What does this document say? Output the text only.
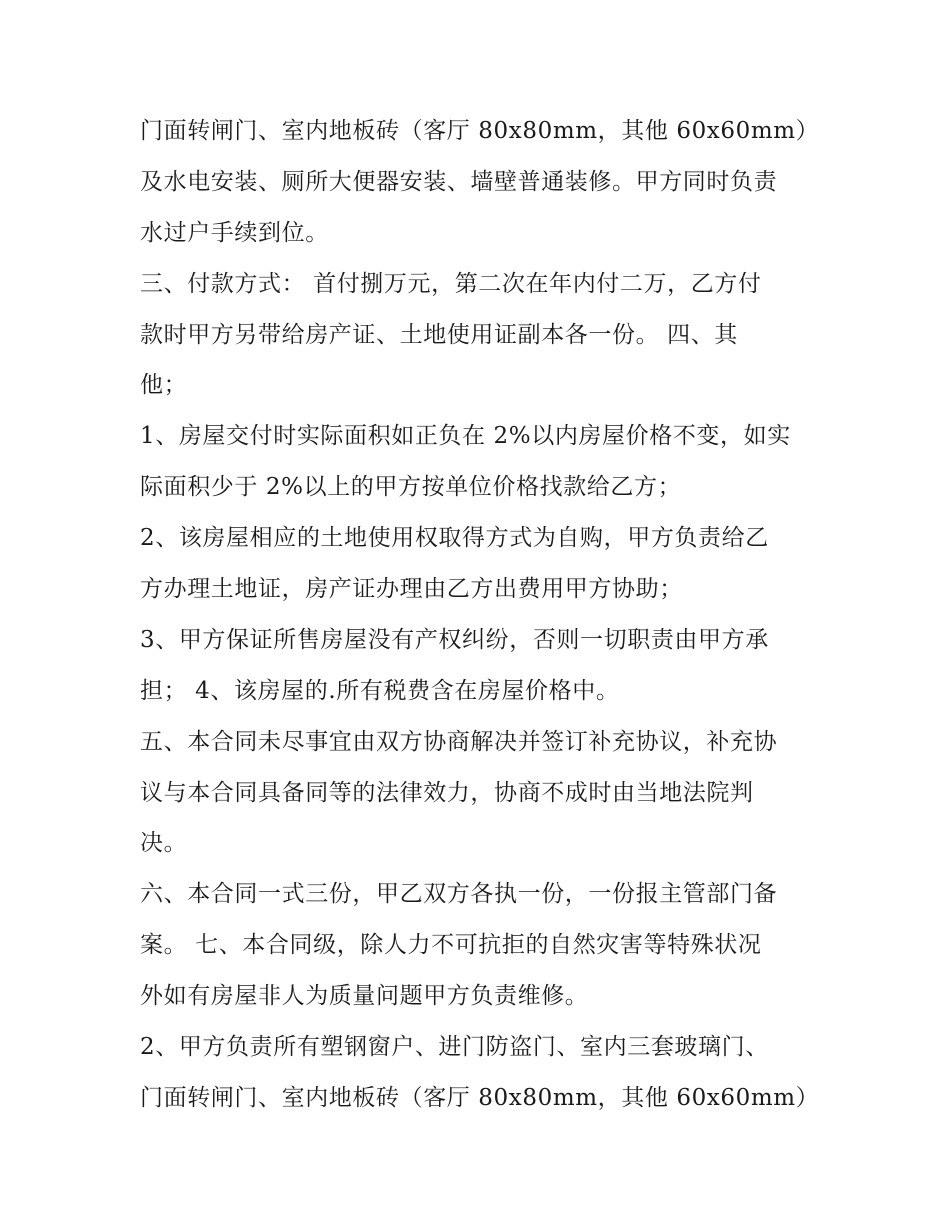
门面转闸门、室内地板砖（客厅 80x80mm，其他 60x60mm）
及水电安装、厕所大便器安装、墙壁普通装修。甲方同时负责
水过户手续到位。
三、付款方式： 首付捌万元，第二次在年内付二万，乙方付
款时甲方另带给房产证、土地使用证副本各一份。 四、其
他；
1、房屋交付时实际面积如正负在 2%以内房屋价格不变，如实
际面积少于 2%以上的甲方按单位价格找款给乙方；
2、该房屋相应的土地使用权取得方式为自购，甲方负责给乙
方办理土地证，房产证办理由乙方出费用甲方协助；
3、甲方保证所售房屋没有产权纠纷，否则一切职责由甲方承
担； 4、该房屋的.所有税费含在房屋价格中。
五、本合同未尽事宜由双方协商解决并签订补充协议，补充协
议与本合同具备同等的法律效力，协商不成时由当地法院判
决。
六、本合同一式三份，甲乙双方各执一份，一份报主管部门备
案。 七、本合同级，除人力不可抗拒的自然灾害等特殊状况
外如有房屋非人为质量问题甲方负责维修。
2、甲方负责所有塑钢窗户、进门防盗门、室内三套玻璃门、
门面转闸门、室内地板砖（客厅 80x80mm，其他 60x60mm）
